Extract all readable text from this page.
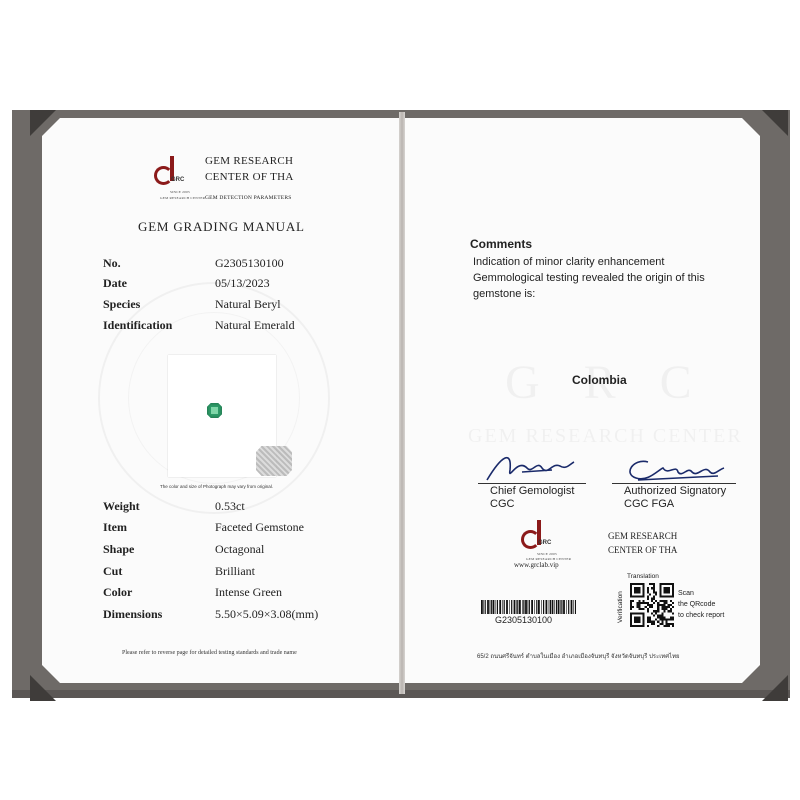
GRC
SINCE 2005
GEM RESEARCH CENTER
GEM RESEARCH
CENTER OF THA
GEM DETECTION PARAMETERS
GEM GRADING MANUAL
No.	G2305130100
Date	05/13/2023
Species	Natural Beryl
Identification	Natural Emerald
The color and size of Photograph may vary from original.
Weight	0.53ct
Item	Faceted Gemstone
Shape	Octagonal
Cut	Brilliant
Color	Intense Green
Dimensions	5.50×5.09×3.08(mm)
Please refer to reverse page for detailed testing standards and trade name
Comments
Indication of minor clarity enhancement
Gemmological testing revealed the origin of this
gemstone is:
Colombia
Chief Gemologist
CGC
Authorized Signatory
CGC FGA
GRC
SINCE 2005
GEM RESEARCH CENTER
www.grclab.vip
GEM RESEARCH
CENTER OF THA
G2305130100
Translation
Verification	Scan
the QRcode
to check report
65/2 ถนนศรีจันทร์ ตำบลในเมือง อำเภอเมืองจันทบุรี จังหวัดจันทบุรี ประเทศไทย
